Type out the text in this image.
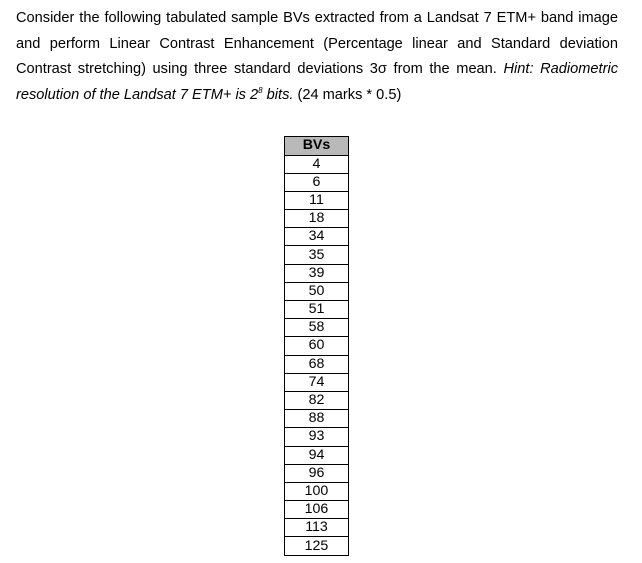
Consider the following tabulated sample BVs extracted from a Landsat 7 ETM+ band image and perform Linear Contrast Enhancement (Percentage linear and Standard deviation Contrast stretching) using three standard deviations 3σ from the mean. Hint: Radiometric resolution of the Landsat 7 ETM+ is $2^8$ bits. (24 marks * 0.5)
BVs
4
6
11
18
34
35
39
50
51
58
60
68
74
82
88
93
94
96
100
106
113
125
